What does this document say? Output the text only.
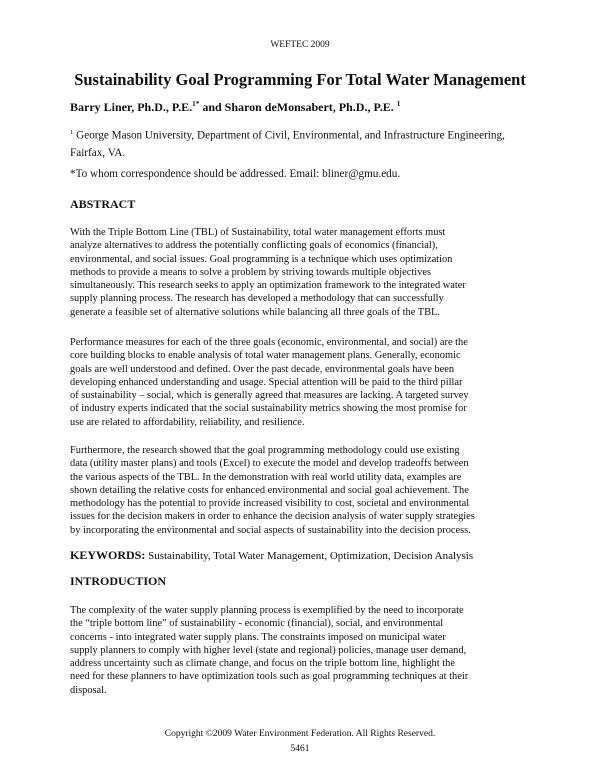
WEFTEC 2009
Sustainability Goal Programming For Total Water Management
Barry Liner, Ph.D., P.E.$^{1*}$ and Sharon deMonsabert, Ph.D., P.E. $^1$
$^1$ George Mason University, Department of Civil, Environmental, and Infrastructure Engineering,
Fairfax, VA.
*To whom correspondence should be addressed. Email: bliner@gmu.edu.
ABSTRACT
With the Triple Bottom Line (TBL) of Sustainability, total water management efforts must
analyze alternatives to address the potentially conflicting goals of economics (financial),
environmental, and social issues. Goal programming is a technique which uses optimization
methods to provide a means to solve a problem by striving towards multiple objectives
simultaneously. This research seeks to apply an optimization framework to the integrated water
supply planning process. The research has developed a methodology that can successfully
generate a feasible set of alternative solutions while balancing all three goals of the TBL.
Performance measures for each of the three goals (economic, environmental, and social) are the
core building blocks to enable analysis of total water management plans. Generally, economic
goals are well understood and defined. Over the past decade, environmental goals have been
developing enhanced understanding and usage. Special attention will be paid to the third pillar
of sustainability – social, which is generally agreed that measures are lacking. A targeted survey
of industry experts indicated that the social sustainability metrics showing the most promise for
use are related to affordability, reliability, and resilience.
Furthermore, the research showed that the goal programming methodology could use existing
data (utility master plans) and tools (Excel) to execute the model and develop tradeoffs between
the various aspects of the TBL. In the demonstration with real world utility data, examples are
shown detailing the relative costs for enhanced environmental and social goal achievement. The
methodology has the potential to provide increased visibility to cost, societal and environmental
issues for the decision makers in order to enhance the decision analysis of water supply strategies
by incorporating the environmental and social aspects of sustainability into the decision process.
KEYWORDS: Sustainability, Total Water Management, Optimization, Decision Analysis
INTRODUCTION
The complexity of the water supply planning process is exemplified by the need to incorporate
the “triple bottom line” of sustainability - economic (financial), social, and environmental
concerns - into integrated water supply plans. The constraints imposed on municipal water
supply planners to comply with higher level (state and regional) policies, manage user demand,
address uncertainty such as climate change, and focus on the triple bottom line, highlight the
need for these planners to have optimization tools such as goal programming techniques at their
disposal.
Copyright ©2009 Water Environment Federation. All Rights Reserved.
5461
